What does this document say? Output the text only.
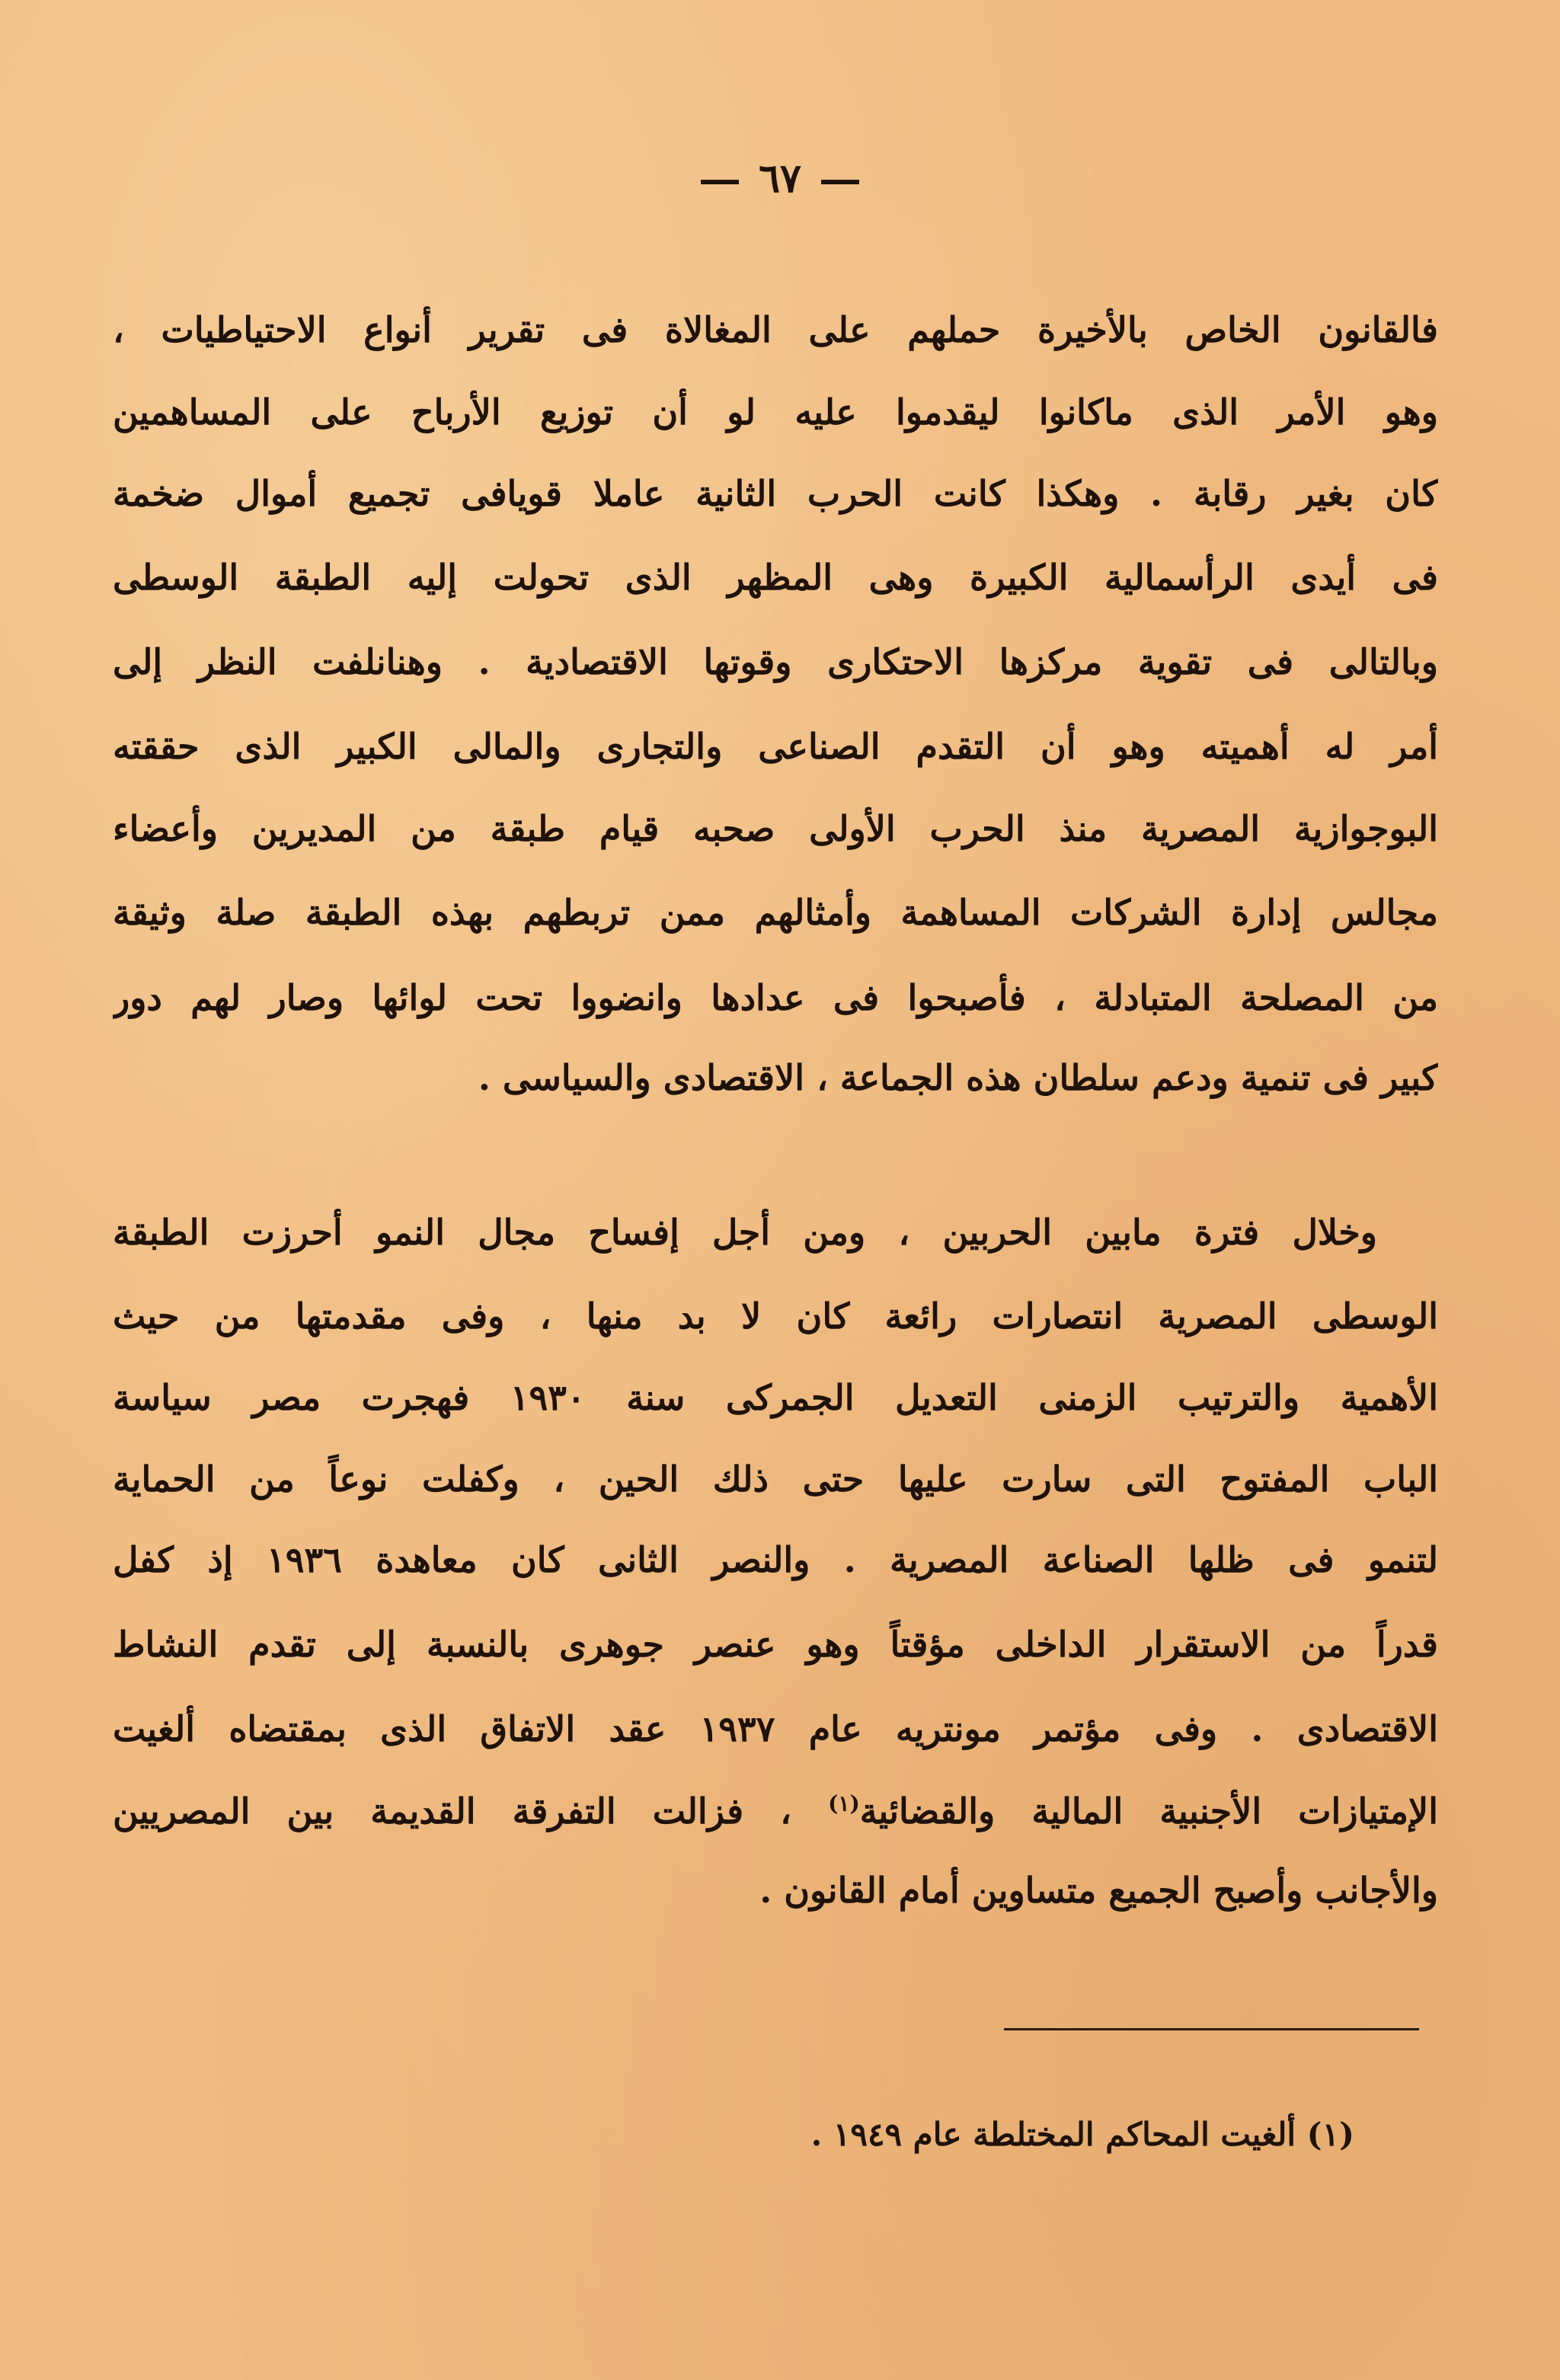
٦٧
فالقانون الخاص بالأخيرة حملهم على المغالاة فى تقرير أنواع الاحتياطيات ،
وهو الأمر الذى ماكانوا ليقدموا عليه لو أن توزيع الأرباح على المساهمين
كان بغير رقابة . وهكذا كانت الحرب الثانية عاملا قويافى تجميع أموال ضخمة
فى أيدى الرأسمالية الكبيرة وهى المظهر الذى تحولت إليه الطبقة الوسطى
وبالتالى فى تقوية مركزها الاحتكارى وقوتها الاقتصادية . وهنانلفت النظر إلى
أمر له أهميته وهو أن التقدم الصناعى والتجارى والمالى الكبير الذى حققته
البوجوازية المصرية منذ الحرب الأولى صحبه قيام طبقة من المديرين وأعضاء
مجالس إدارة الشركات المساهمة وأمثالهم ممن تربطهم بهذه الطبقة صلة وثيقة
من المصلحة المتبادلة ، فأصبحوا فى عدادها وانضووا تحت لوائها وصار لهم دور
كبير فى تنمية ودعم سلطان هذه الجماعة ، الاقتصادى والسياسى .
وخلال فترة مابين الحربين ، ومن أجل إفساح مجال النمو أحرزت الطبقة
الوسطى المصرية انتصارات رائعة كان لا بد منها ، وفى مقدمتها من حيث
الأهمية والترتيب الزمنى التعديل الجمركى سنة ١٩٣٠ فهجرت مصر سياسة
الباب المفتوح التى سارت عليها حتى ذلك الحين ، وكفلت نوعاً من الحماية
لتنمو فى ظلها الصناعة المصرية . والنصر الثانى كان معاهدة ١٩٣٦ إذ كفل
قدراً من الاستقرار الداخلى مؤقتاً وهو عنصر جوهرى بالنسبة إلى تقدم النشاط
الاقتصادى . وفى مؤتمر مونتريه عام ١٩٣٧ عقد الاتفاق الذى بمقتضاه ألغيت
الإمتيازات الأجنبية المالية والقضائية$^{(١)}$ ، فزالت التفرقة القديمة بين المصريين
والأجانب وأصبح الجميع متساوين أمام القانون .
(١) ألغيت المحاكم المختلطة عام ١٩٤٩ .
